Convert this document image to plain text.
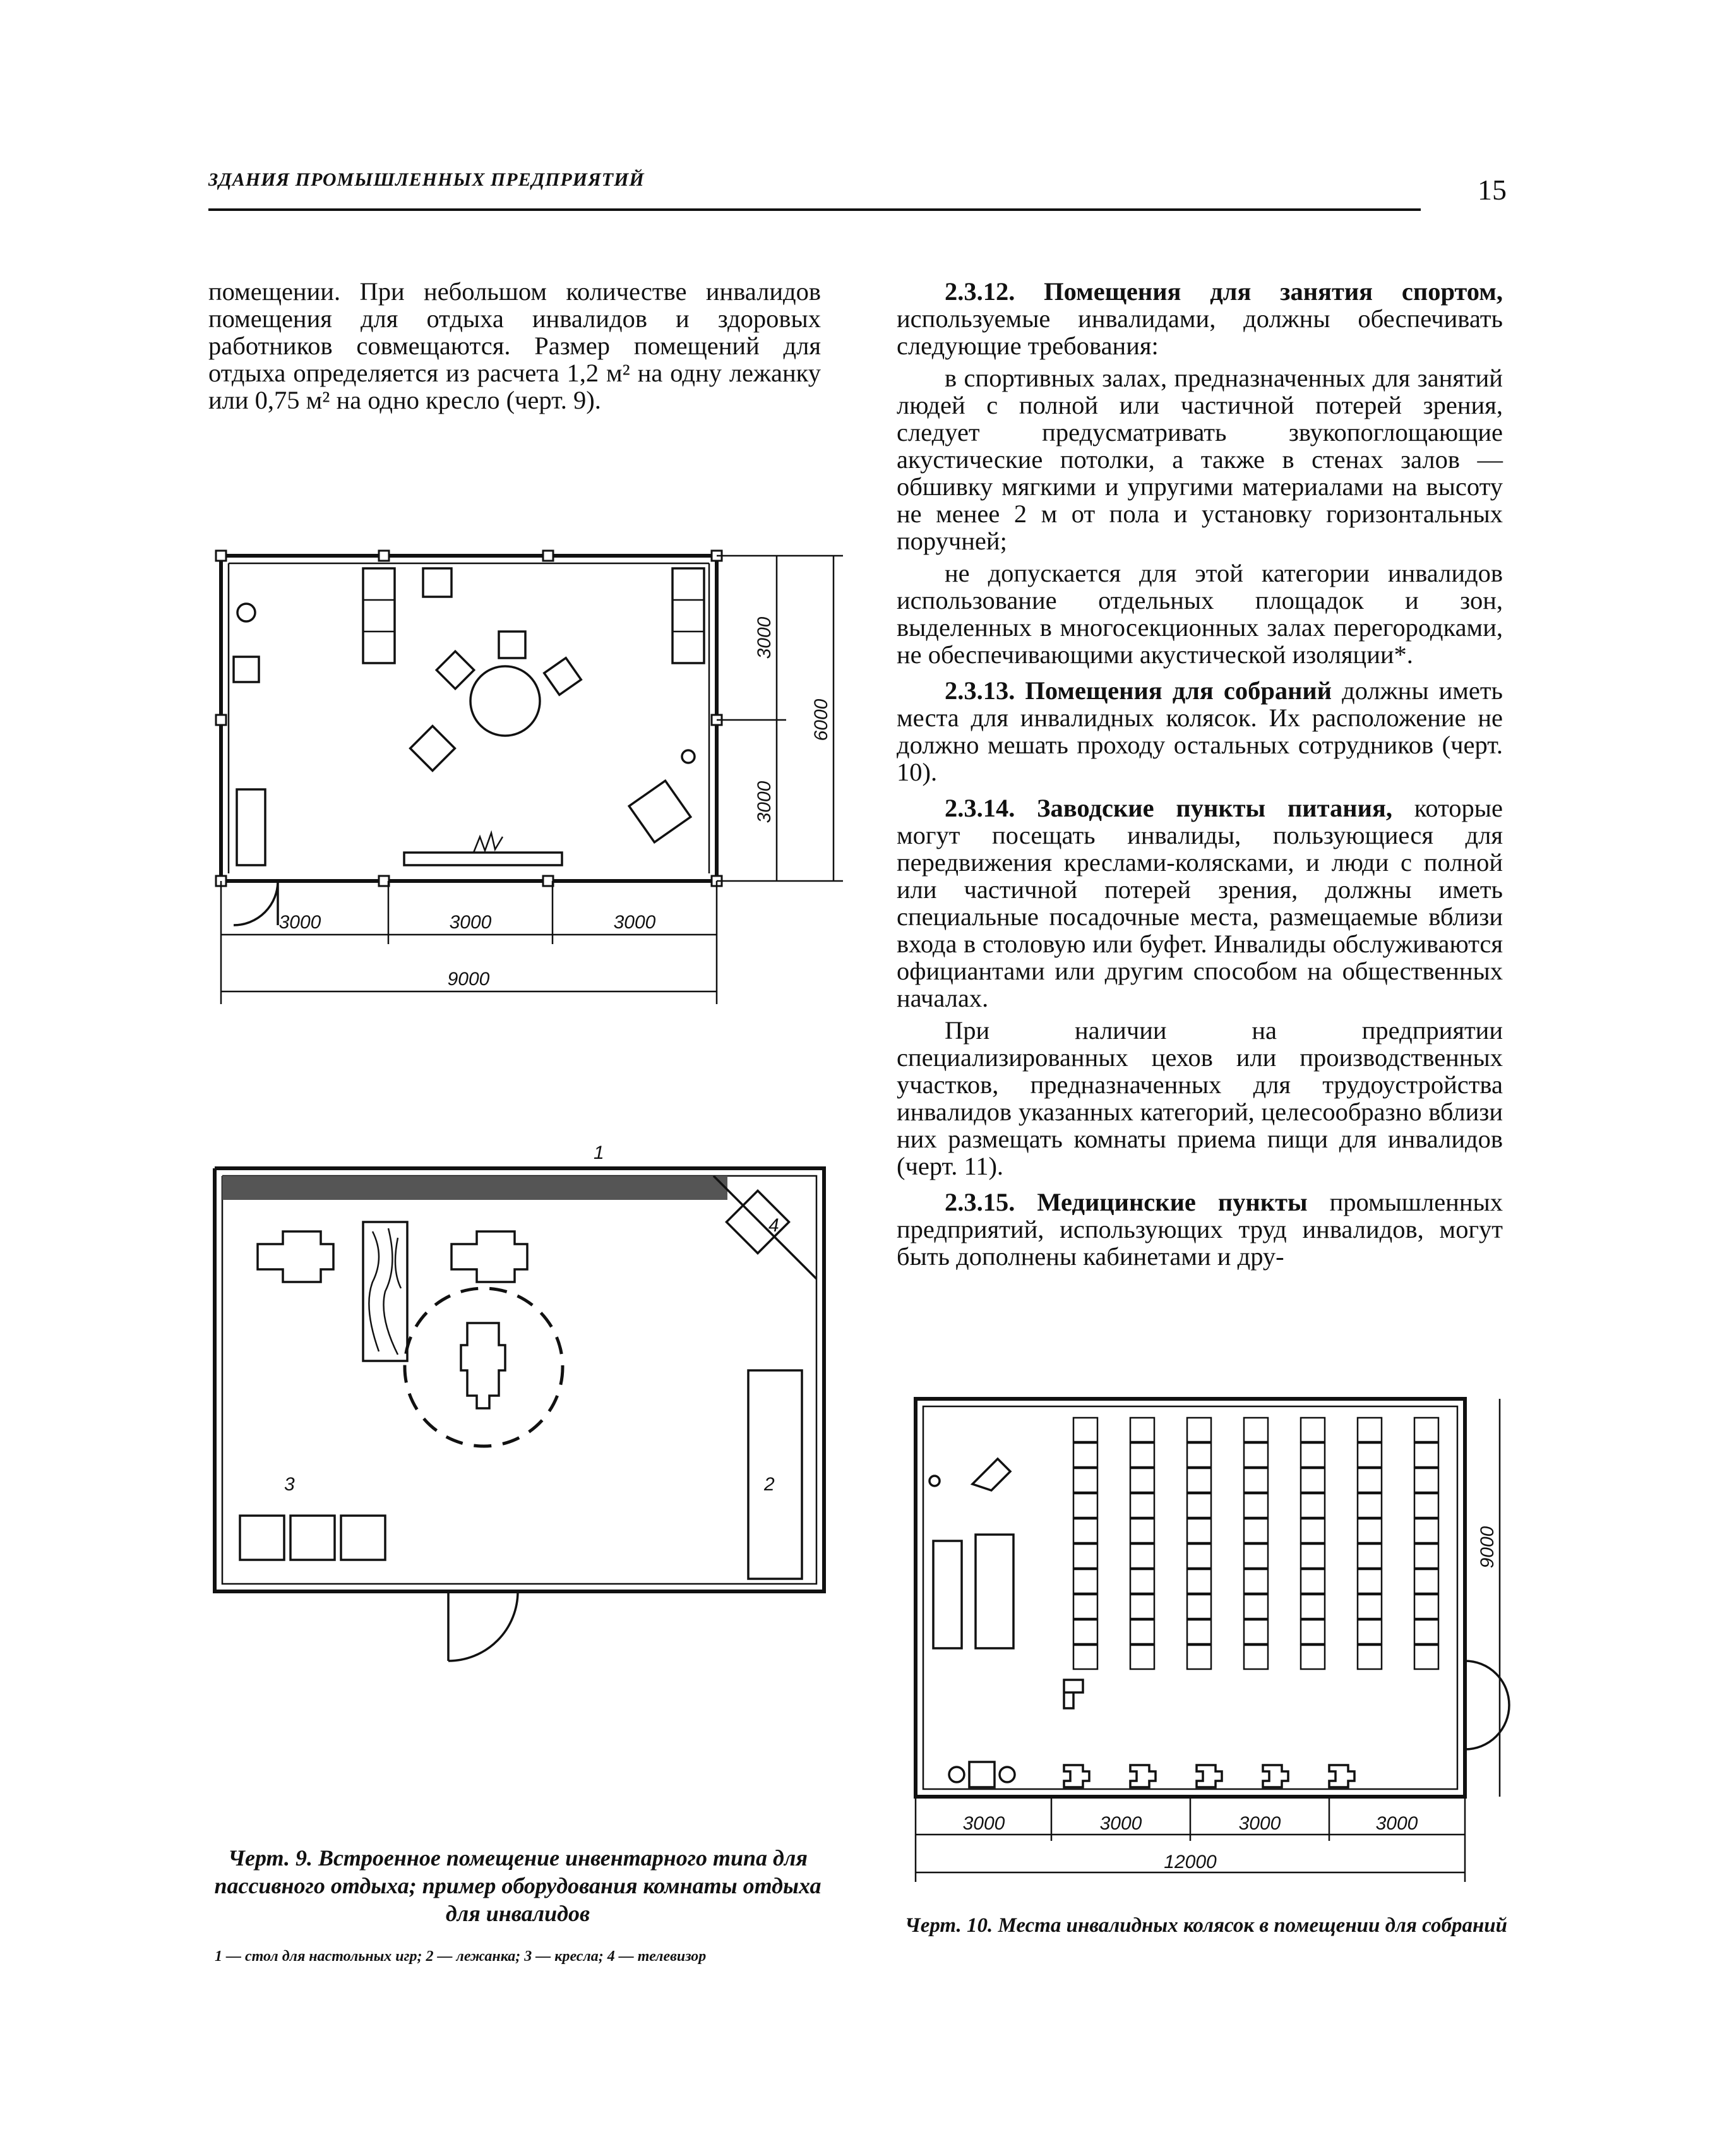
ЗДАНИЯ ПРОМЫШЛЕННЫХ ПРЕДПРИЯТИЙ	15

помещении. При небольшом количестве инвалидов помещения для отдыха инвалидов и здоровых работников совмещаются. Размер помещений для отдыха определяется из расчета 1,2 м² на одну лежанку или 0,75 м² на одно кресло (черт. 9).

2.3.12. Помещения для занятия спортом, используемые инвалидами, должны обеспечивать следующие требования:

в спортивных залах, предназначенных для занятий людей с полной или частичной потерей зрения, следует предусматривать звукопоглощающие акустические потолки, а также в стенах залов — обшивку мягкими и упругими материалами на высоту не менее 2 м от пола и установку горизонтальных поручней;

не допускается для этой категории инвалидов использование отдельных площадок и зон, выделенных в многосекционных залах перегородками, не обеспечивающими акустической изоляции*.

2.3.13. Помещения для собраний должны иметь места для инвалидных колясок. Их расположение не должно мешать проходу остальных сотрудников (черт. 10).

2.3.14. Заводские пункты питания, которые могут посещать инвалиды, пользующиеся для передвижения креслами-колясками, и люди с полной или частичной потерей зрения, должны иметь специальные посадочные места, размещаемые вблизи входа в столовую или буфет. Инвалиды обслуживаются официантами или другим способом на общественных началах.

При наличии на предприятии специализированных цехов или производственных участков, предназначенных для трудоустройства инвалидов указанных категорий, целесообразно вблизи них размещать комнаты приема пищи для инвалидов (черт. 11).

2.3.15. Медицинские пункты промышленных предприятий, использующих труд инвалидов, могут быть дополнены кабинетами и дру-

3000	3000	3000
9000
3000
3000
6000
4
2
3
1
Черт. 9. Встроенное помещение инвентарного типа для пассивного отдыха; пример оборудования комнаты отдыха для инвалидов
1 — стол для настольных игр; 2 — лежанка; 3 — кресла; 4 — телевизор
3000	3000	3000	3000
12000
9000
Черт. 10. Места инвалидных колясок в помещении для собраний
